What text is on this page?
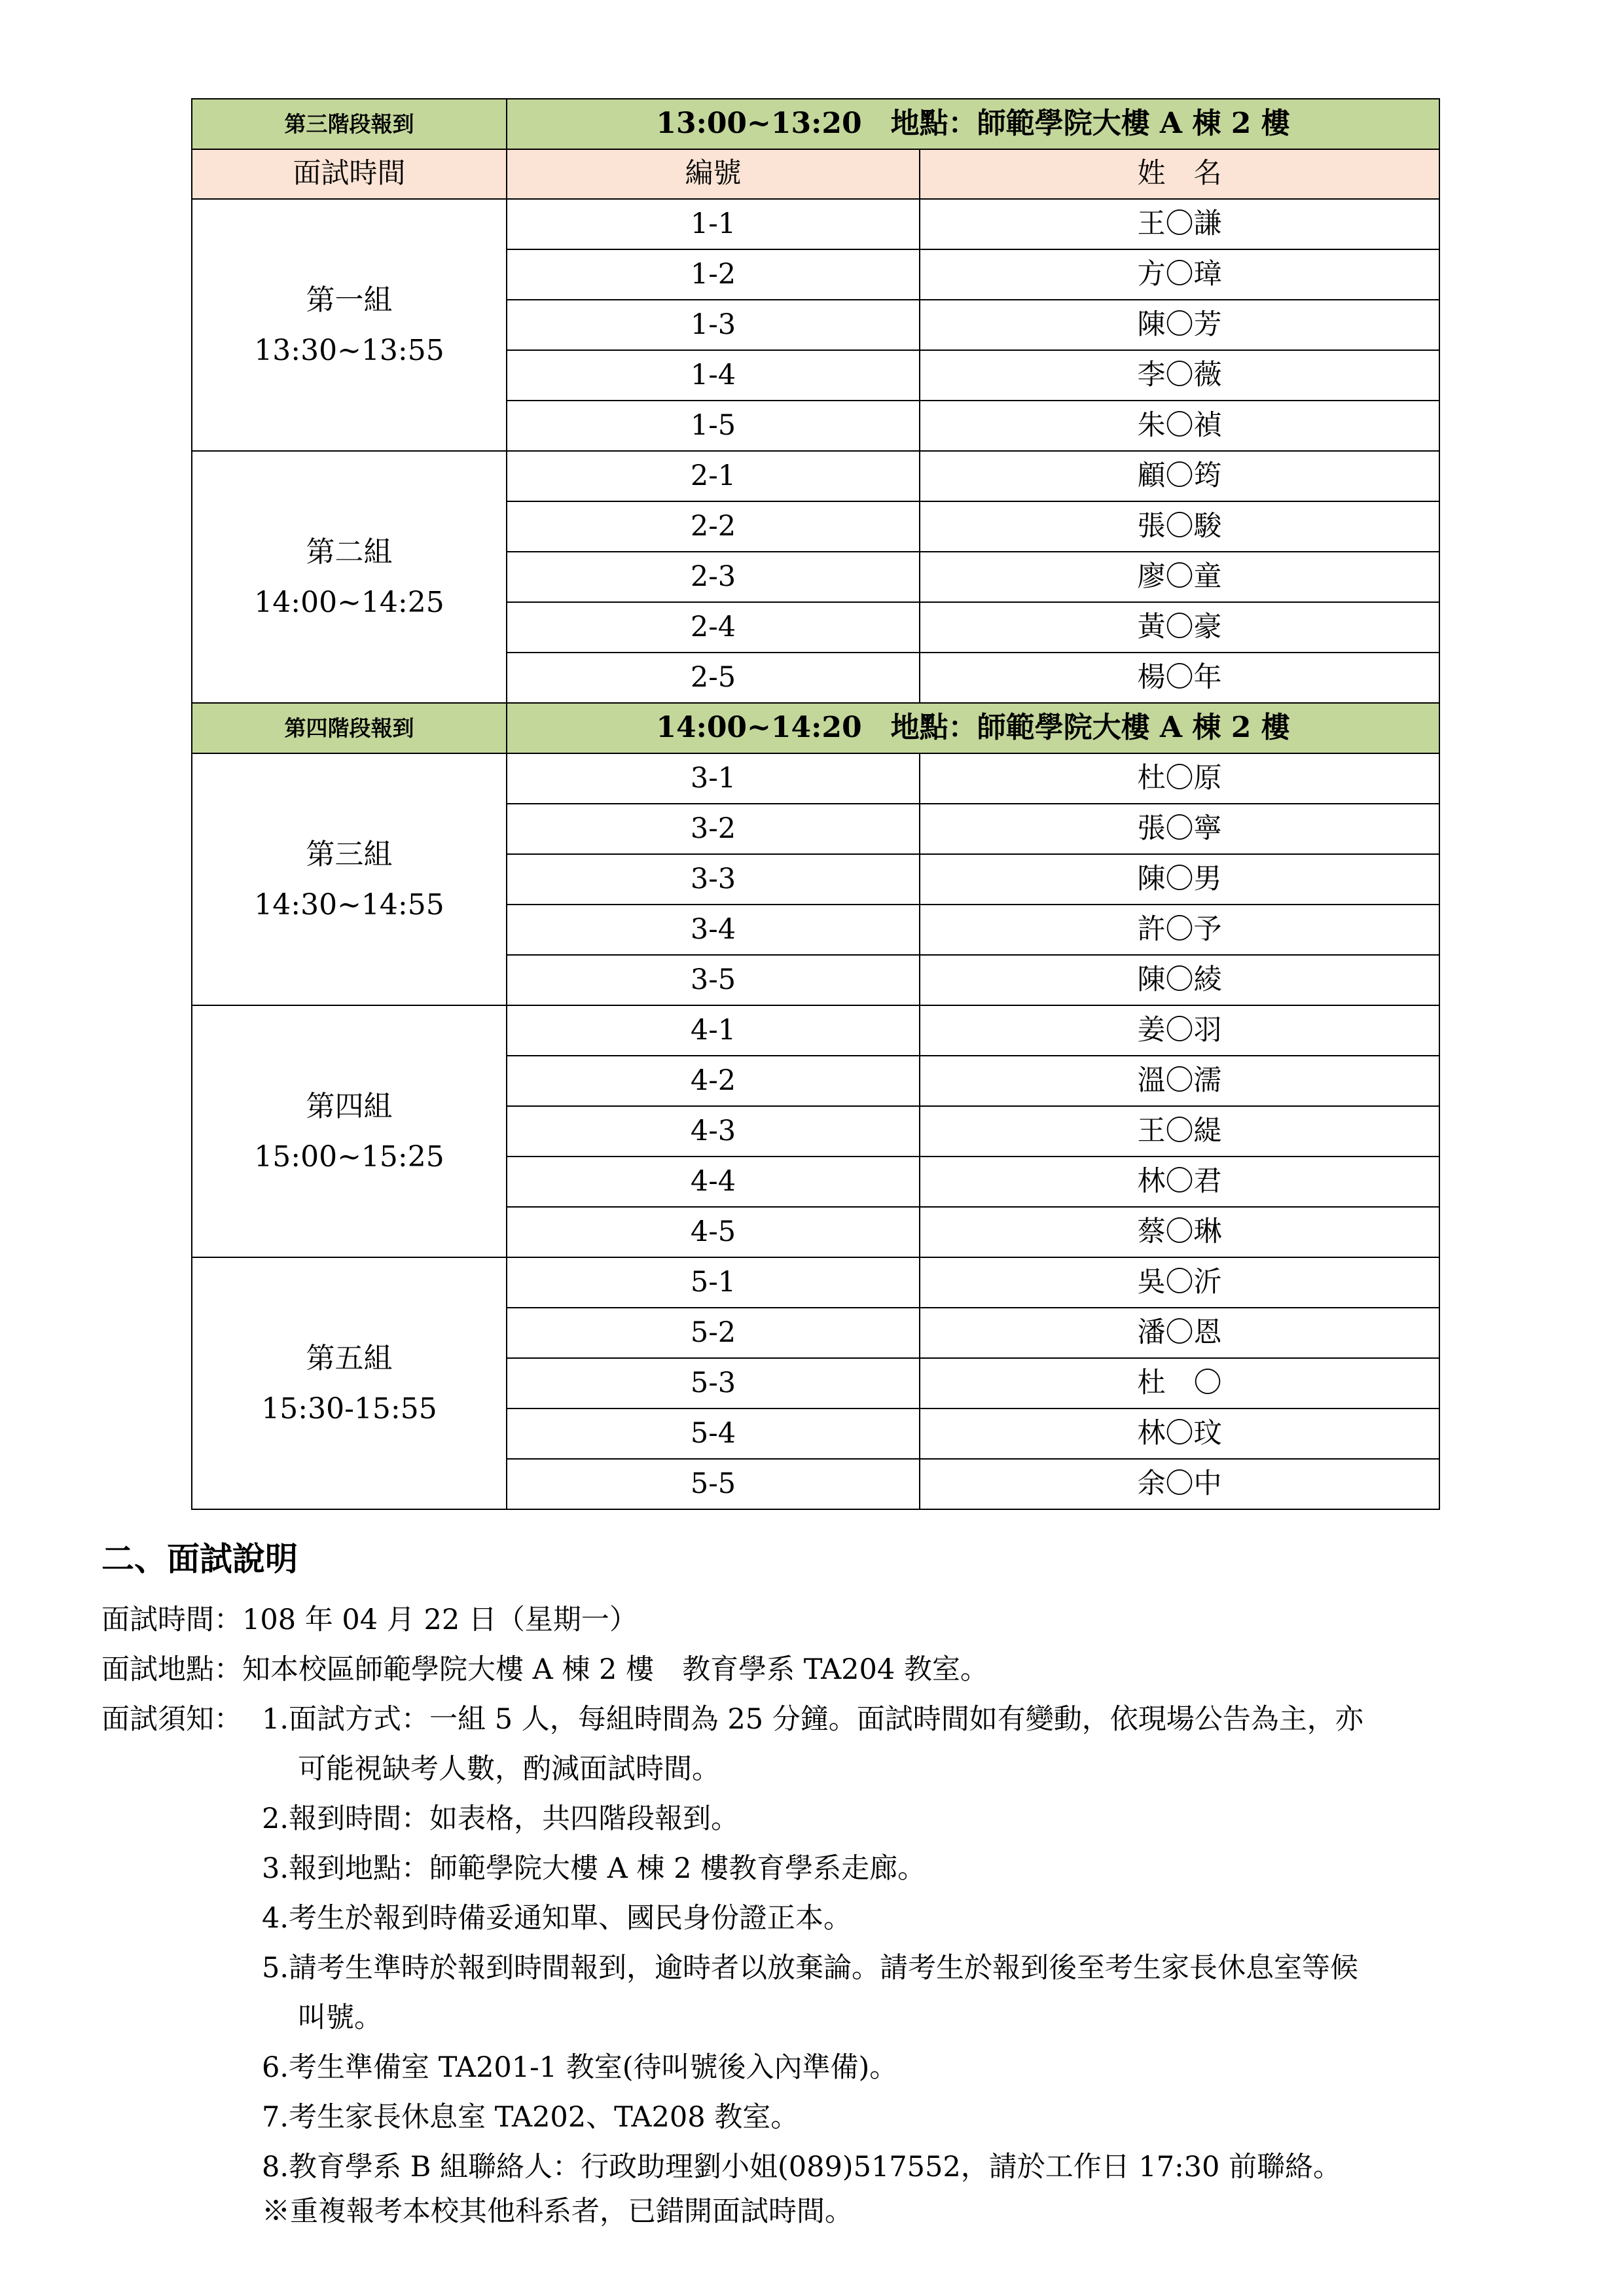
第三階段報到	13:00~13:20　地點：師範學院大樓 A 棟 2 樓	
面試時間	編號	姓　名

第一組
13:30~13:55	1-1	王〇謙
	1-2	方〇璋
	1-3	陳〇芳
	1-4	李〇薇
	1-5	朱〇禎

第二組
14:00~14:25	2-1	顧〇筠
	2-2	張〇駿
	2-3	廖〇童
	2-4	黃〇豪
	2-5	楊〇年
第四階段報到	14:00~14:20　地點：師範學院大樓 A 棟 2 樓	

第三組
14:30~14:55	3-1	杜〇原
	3-2	張〇寧
	3-3	陳〇男
	3-4	許〇予
	3-5	陳〇綾

第四組
15:00~15:25	4-1	姜〇羽
	4-2	溫〇濡
	4-3	王〇緹
	4-4	林〇君
	4-5	蔡〇琳

第五組
15:30-15:55	5-1	吳〇沂
	5-2	潘〇恩
	5-3	杜　〇
	5-4	林〇玟
	5-5	余〇中
二、面試說明
面試時間：108 年 04 月 22 日（星期一）
面試地點：知本校區師範學院大樓 A 棟 2 樓　教育學系 TA204 教室。
面試須知： 1.面試方式：一組 5 人，每組時間為 25 分鐘。面試時間如有變動，依現場公告為主，亦
可能視缺考人數，酌減面試時間。
2.報到時間：如表格，共四階段報到。
3.報到地點：師範學院大樓 A 棟 2 樓教育學系走廊。
4.考生於報到時備妥通知單、國民身份證正本。
5.請考生準時於報到時間報到，逾時者以放棄論。請考生於報到後至考生家長休息室等候
叫號。
6.考生準備室 TA201-1 教室(待叫號後入內準備)。
7.考生家長休息室 TA202、TA208 教室。
8.教育學系 B 組聯絡人：行政助理劉小姐(089)517552，請於工作日 17:30 前聯絡。
※重複報考本校其他科系者，已錯開面試時間。
